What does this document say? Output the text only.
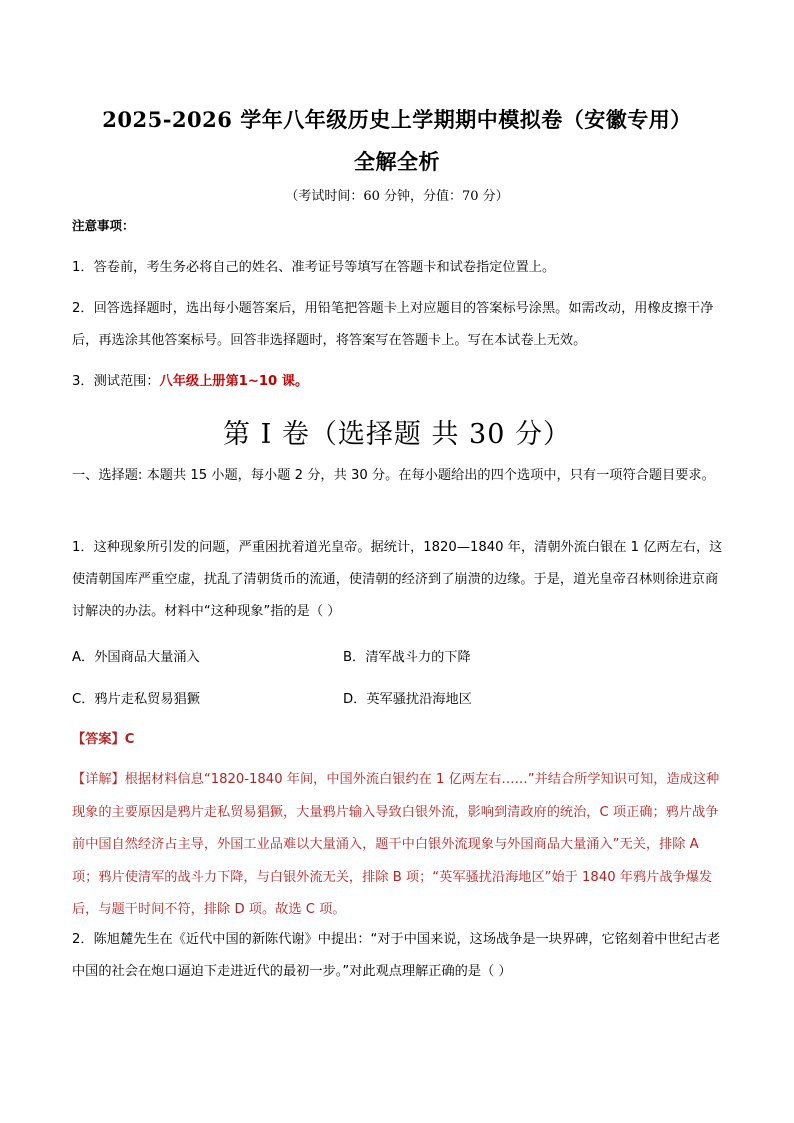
2025-2026 学年八年级历史上学期期中模拟卷（安徽专用）
全解全析
（考试时间：60 分钟，分值：70 分）
注意事项：
1．答卷前，考生务必将自己的姓名、准考证号等填写在答题卡和试卷指定位置上。
2．回答选择题时，选出每小题答案后，用铅笔把答题卡上对应题目的答案标号涂黑。如需改动，用橡皮擦干净后，再选涂其他答案标号。回答非选择题时，将答案写在答题卡上。写在本试卷上无效。
3．测试范围：八年级上册第1~10 课。
第 I 卷（选择题 共 30 分）
一、选择题: 本题共 15 小题，每小题 2 分，共 30 分。在每小题给出的四个选项中，只有一项符合题目要求。
1．这种现象所引发的问题，严重困扰着道光皇帝。据统计，1820—1840 年，清朝外流白银在 1 亿两左右，这使清朝国库严重空虚，扰乱了清朝货币的流通，使清朝的经济到了崩溃的边缘。于是，道光皇帝召林则徐进京商讨解决的办法。材料中“这种现象”指的是（ ）
A．外国商品大量涌入	B．清军战斗力的下降
C．鸦片走私贸易猖獗	D．英军骚扰沿海地区
【答案】C
【详解】根据材料信息“1820-1840 年间，中国外流白银约在 1 亿两左右……”并结合所学知识可知，造成这种现象的主要原因是鸦片走私贸易猖獗，大量鸦片输入导致白银外流，影响到清政府的统治，C 项正确；鸦片战争前中国自然经济占主导，外国工业品难以大量涌入，题干中白银外流现象与外国商品大量涌入”无关，排除 A 项；鸦片使清军的战斗力下降，与白银外流无关，排除 B 项；“英军骚扰沿海地区”始于 1840 年鸦片战争爆发后，与题干时间不符，排除 D 项。故选 C 项。
2．陈旭麓先生在《近代中国的新陈代谢》中提出：“对于中国来说，这场战争是一块界碑，它铭刻着中世纪古老中国的社会在炮口逼迫下走进近代的最初一步。”对此观点理解正确的是（ ）
